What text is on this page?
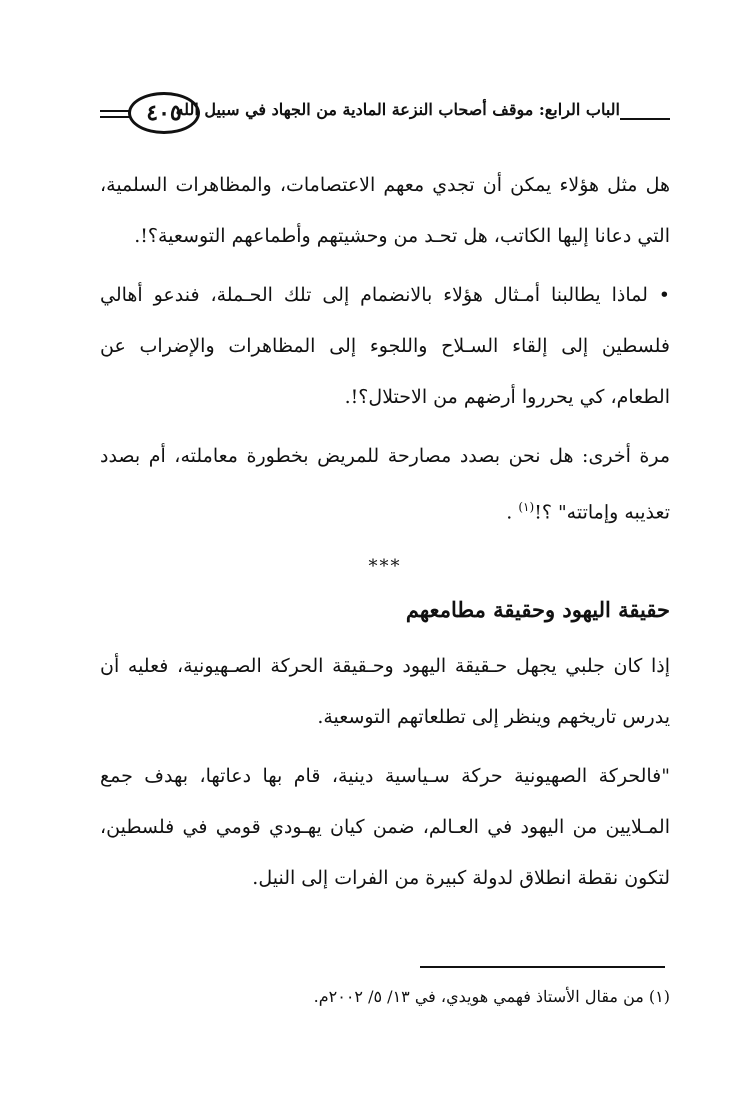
٤٠٥
الباب الرابع: موقف أصحاب النزعة المادية من الجهاد في سبيل الله

هل مثل هؤلاء يمكن أن تجدي معهم الاعتصامات، والمظاهرات السلمية، التي دعانا إليها الكاتب، هل تحـد من وحشيتهم وأطماعهم التوسعية؟!.

• لماذا يطالبنا أمـثال هؤلاء بالانضمام إلى تلك الحـملة، فندعو أهالي فلسطين إلى إلقاء السـلاح واللجوء إلى المظاهرات والإضراب عن الطعام، كي يحرروا أرضهم من الاحتلال؟!.

مرة أخرى: هل نحن بصدد مصارحة للمريض بخطورة معاملته، أم بصدد تعذيبه وإماتته" ؟!$^{(١)}$ .

***
حقيقة اليهود وحقيقة مطامعهم

إذا كان جلبي يجهل حـقيقة اليهود وحـقيقة الحركة الصـهيونية، فعليه أن يدرس تاريخهم وينظر إلى تطلعاتهم التوسعية.

"فالحركة الصهيونية حركة سـياسية دينية، قام بها دعاتها، بهدف جمع المـلايين من اليهود في العـالم، ضمن كيان يهـودي قومي في فلسطين، لتكون نقطة انطلاق لدولة كبيرة من الفرات إلى النيل.

(١) من مقال الأستاذ فهمي هويدي، في ١٣/ ٥/ ٢٠٠٢م.
